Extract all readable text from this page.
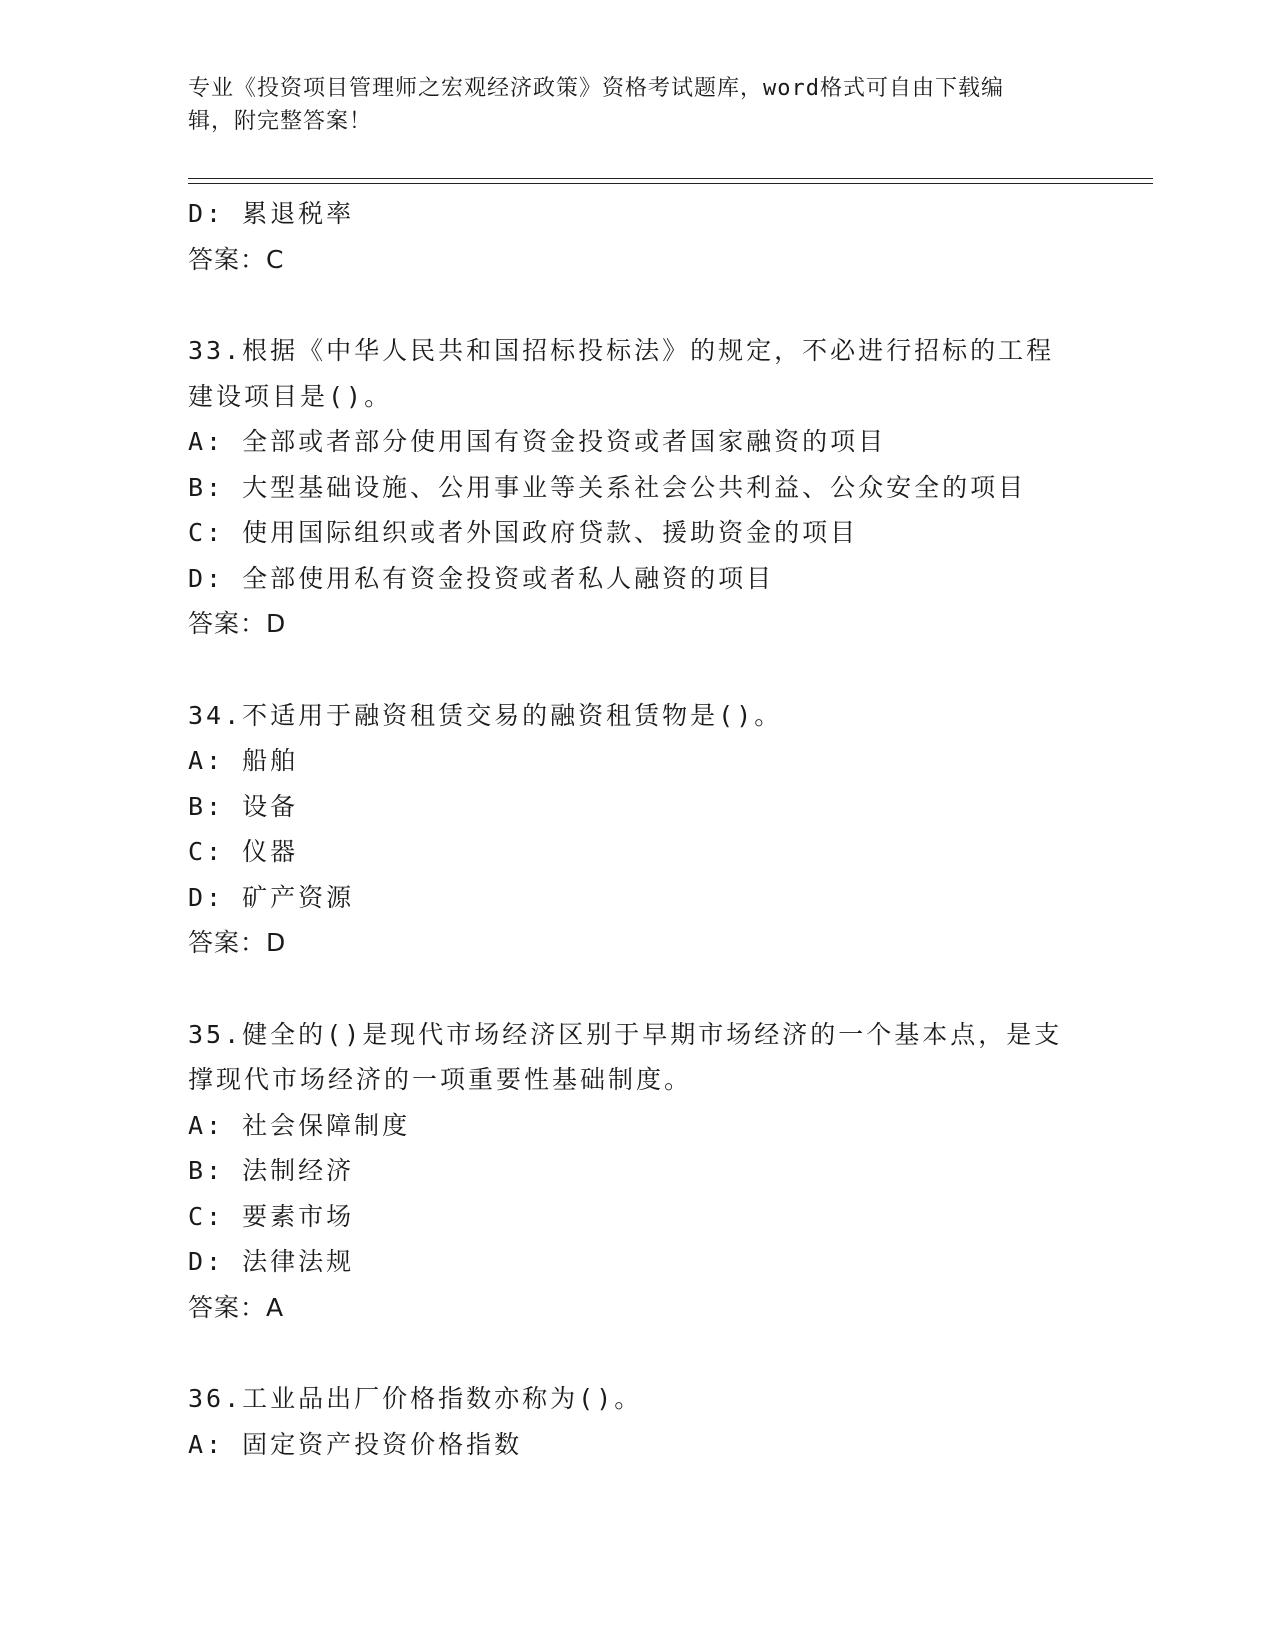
专业《投资项目管理师之宏观经济政策》资格考试题库，word格式可自由下载编
辑，附完整答案！
D: 累退税率
答案：C
33.根据《中华人民共和国招标投标法》的规定，不必进行招标的工程
建设项目是()。
A: 全部或者部分使用国有资金投资或者国家融资的项目
B: 大型基础设施、公用事业等关系社会公共利益、公众安全的项目
C: 使用国际组织或者外国政府贷款、援助资金的项目
D: 全部使用私有资金投资或者私人融资的项目
答案：D
34.不适用于融资租赁交易的融资租赁物是()。
A: 船舶
B: 设备
C: 仪器
D: 矿产资源
答案：D
35.健全的()是现代市场经济区别于早期市场经济的一个基本点，是支
撑现代市场经济的一项重要性基础制度。
A: 社会保障制度
B: 法制经济
C: 要素市场
D: 法律法规
答案：A
36.工业品出厂价格指数亦称为()。
A: 固定资产投资价格指数
